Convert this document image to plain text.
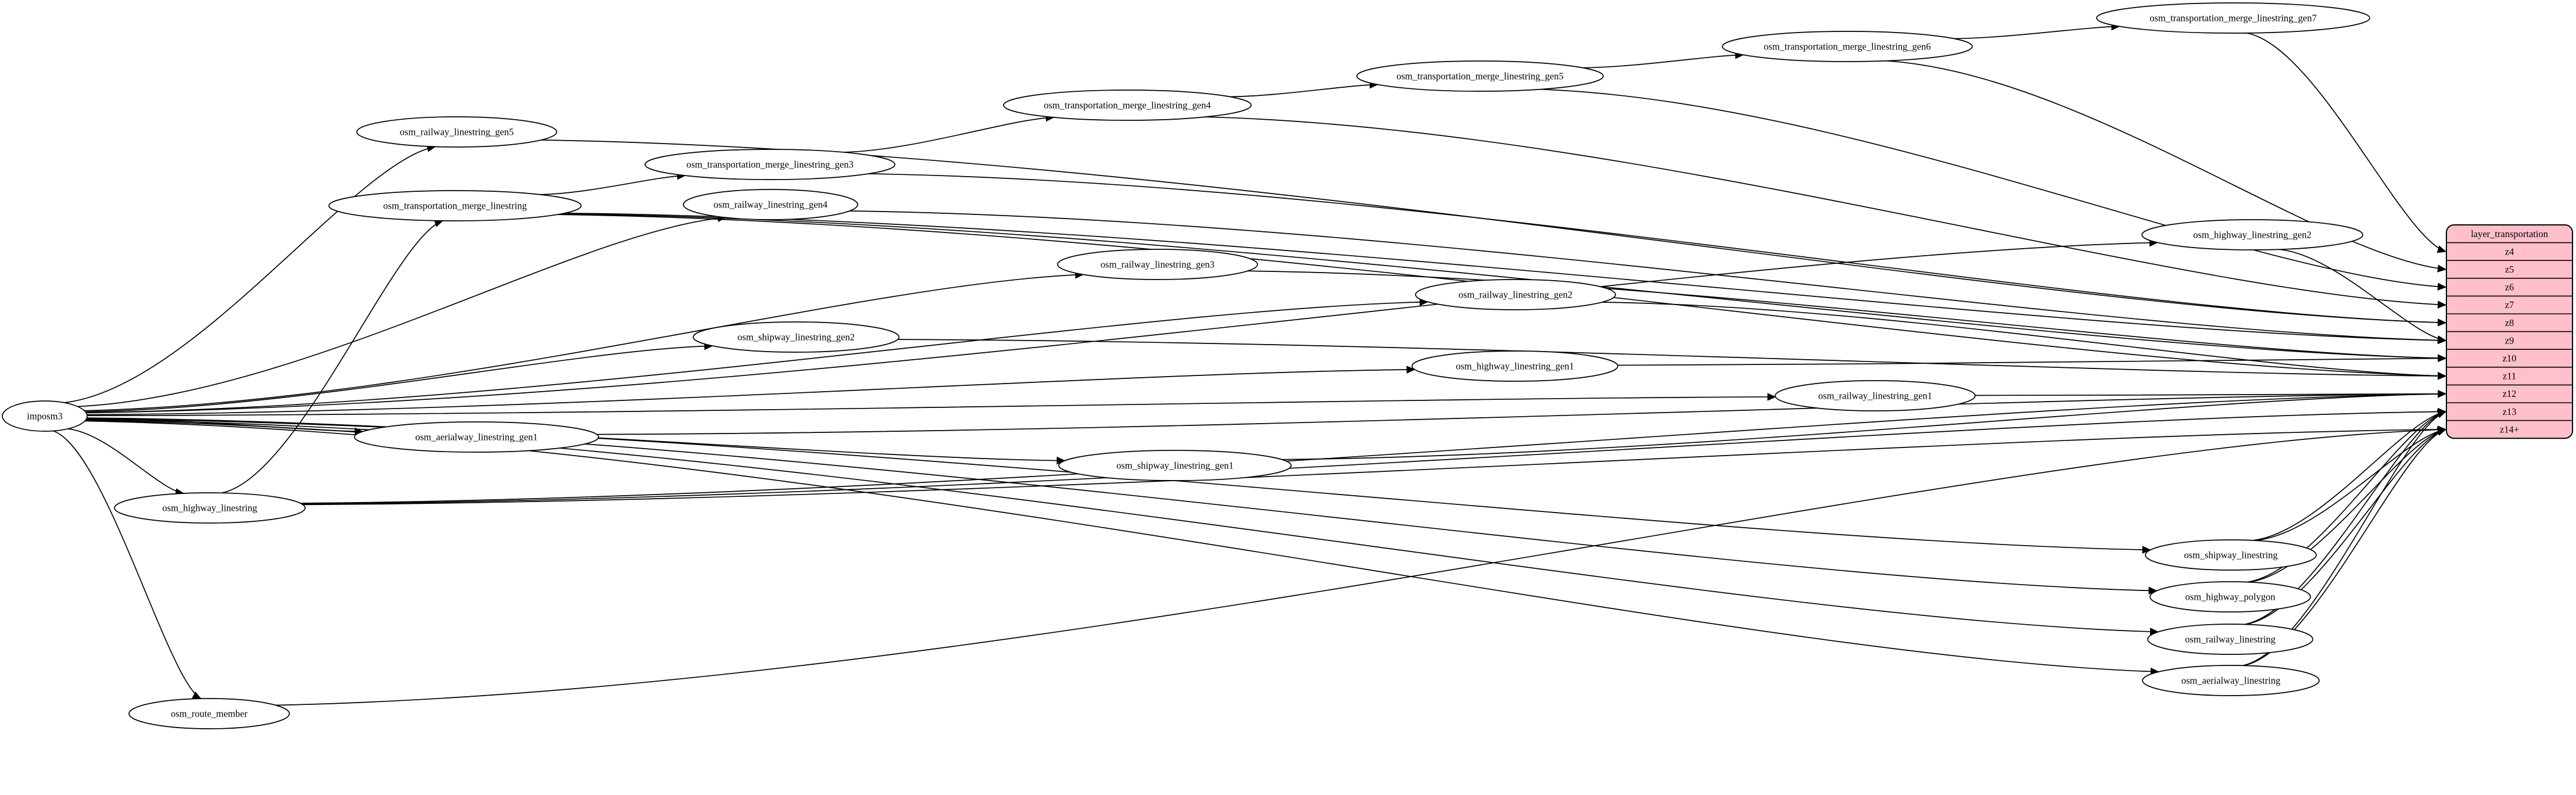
imposm3
osm_transportation_merge_linestring_gen7
osm_transportation_merge_linestring_gen6
osm_transportation_merge_linestring_gen5
osm_transportation_merge_linestring_gen4
osm_railway_linestring_gen5
osm_transportation_merge_linestring_gen3
osm_railway_linestring_gen4
osm_transportation_merge_linestring
osm_highway_linestring_gen2
osm_railway_linestring_gen3
osm_railway_linestring_gen2
osm_shipway_linestring_gen2
osm_highway_linestring_gen1
osm_railway_linestring_gen1
osm_aerialway_linestring_gen1
osm_shipway_linestring_gen1
osm_highway_linestring
osm_shipway_linestring
osm_highway_polygon
osm_railway_linestring
osm_aerialway_linestring
osm_route_member
layer_transportation
z4
z5
z6
z7
z8
z9
z10
z11
z12
z13
z14+
